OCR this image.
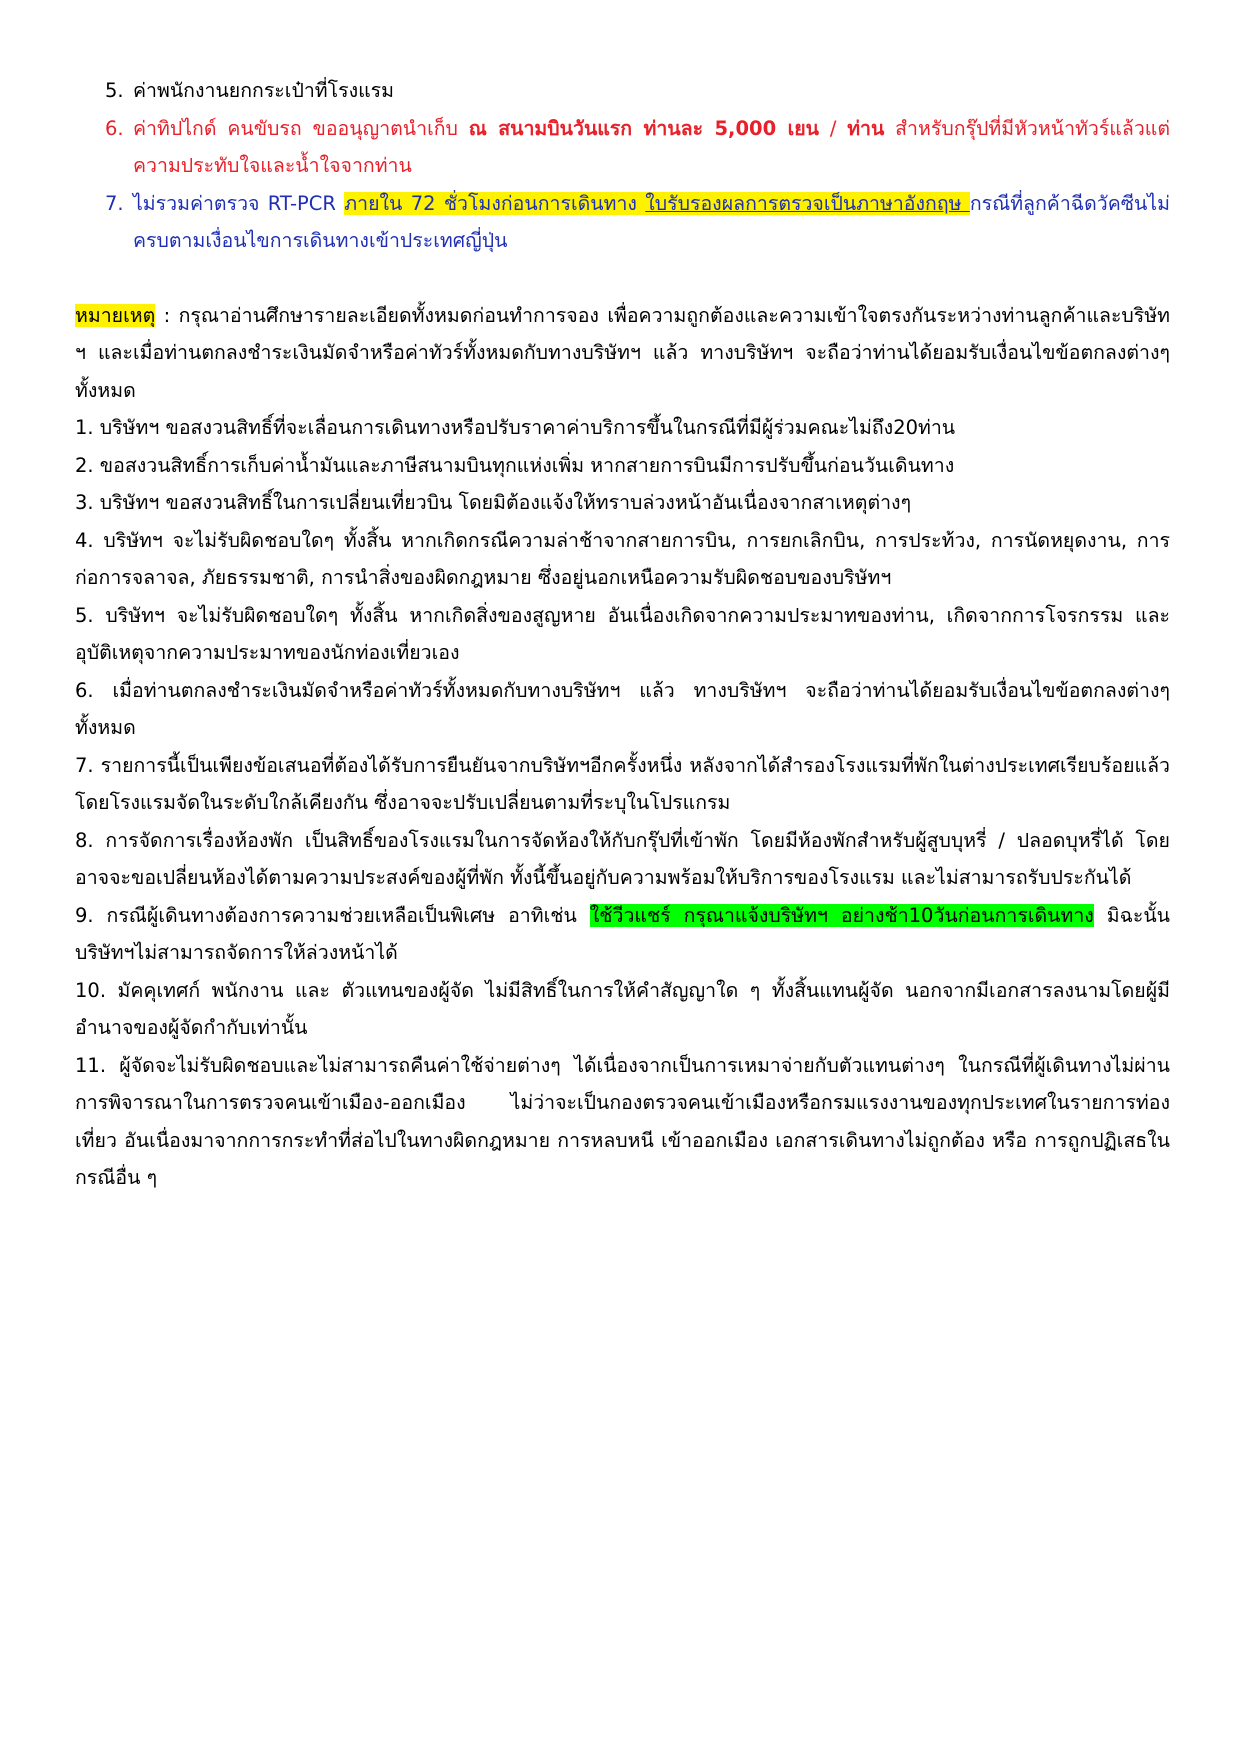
5. ค่าพนักงานยกกระเป๋าที่โรงแรม
6. ค่าทิปไกด์ คนขับรถ ขออนุญาตนำเก็บ ณ สนามบินวันแรก ท่านละ 5,000 เยน / ท่าน สำหรับกรุ๊ปที่มีหัวหน้าทัวร์แล้วแต่ความประทับใจและน้ำใจจากท่าน
7. ไม่รวมค่าตรวจ RT-PCR ภายใน 72 ชั่วโมงก่อนการเดินทาง ใบรับรองผลการตรวจเป็นภาษาอังกฤษ กรณีที่ลูกค้าฉีดวัคซีนไม่ครบตามเงื่อนไขการเดินทางเข้าประเทศญี่ปุ่น

หมายเหตุ : กรุณาอ่านศึกษารายละเอียดทั้งหมดก่อนทำการจอง เพื่อความถูกต้องและความเข้าใจตรงกันระหว่างท่านลูกค้าและบริษัท ฯ และเมื่อท่านตกลงชำระเงินมัดจำหรือค่าทัวร์ทั้งหมดกับทางบริษัทฯ แล้ว ทางบริษัทฯ จะถือว่าท่านได้ยอมรับเงื่อนไขข้อตกลงต่างๆ ทั้งหมด

1. บริษัทฯ ขอสงวนสิทธิ์ที่จะเลื่อนการเดินทางหรือปรับราคาค่าบริการขึ้นในกรณีที่มีผู้ร่วมคณะไม่ถึง20ท่าน

2. ขอสงวนสิทธิ์การเก็บค่าน้ำมันและภาษีสนามบินทุกแห่งเพิ่ม หากสายการบินมีการปรับขึ้นก่อนวันเดินทาง

3. บริษัทฯ ขอสงวนสิทธิ์ในการเปลี่ยนเที่ยวบิน โดยมิต้องแจ้งให้ทราบล่วงหน้าอันเนื่องจากสาเหตุต่างๆ

4. บริษัทฯ จะไม่รับผิดชอบใดๆ ทั้งสิ้น หากเกิดกรณีความล่าช้าจากสายการบิน, การยกเลิกบิน, การประท้วง, การนัดหยุดงาน, การก่อการจลาจล, ภัยธรรมชาติ, การนำสิ่งของผิดกฎหมาย ซึ่งอยู่นอกเหนือความรับผิดชอบของบริษัทฯ

5. บริษัทฯ จะไม่รับผิดชอบใดๆ ทั้งสิ้น หากเกิดสิ่งของสูญหาย อันเนื่องเกิดจากความประมาทของท่าน, เกิดจากการโจรกรรม และอุบัติเหตุจากความประมาทของนักท่องเที่ยวเอง

6. เมื่อท่านตกลงชำระเงินมัดจำหรือค่าทัวร์ทั้งหมดกับทางบริษัทฯ แล้ว ทางบริษัทฯ จะถือว่าท่านได้ยอมรับเงื่อนไขข้อตกลงต่างๆ ทั้งหมด

7. รายการนี้เป็นเพียงข้อเสนอที่ต้องได้รับการยืนยันจากบริษัทฯอีกครั้งหนึ่ง หลังจากได้สำรองโรงแรมที่พักในต่างประเทศเรียบร้อยแล้ว โดยโรงแรมจัดในระดับใกล้เคียงกัน ซึ่งอาจจะปรับเปลี่ยนตามที่ระบุในโปรแกรม

8. การจัดการเรื่องห้องพัก เป็นสิทธิ์ของโรงแรมในการจัดห้องให้กับกรุ๊ปที่เข้าพัก โดยมีห้องพักสำหรับผู้สูบบุหรี่ / ปลอดบุหรี่ได้ โดยอาจจะขอเปลี่ยนห้องได้ตามความประสงค์ของผู้ที่พัก ทั้งนี้ขึ้นอยู่กับความพร้อมให้บริการของโรงแรม และไม่สามารถรับประกันได้

9. กรณีผู้เดินทางต้องการความช่วยเหลือเป็นพิเศษ อาทิเช่น ใช้วีวแชร์ กรุณาแจ้งบริษัทฯ อย่างช้า10วันก่อนการเดินทาง มิฉะนั้นบริษัทฯไม่สามารถจัดการให้ล่วงหน้าได้

10. มัคคุเทศก์ พนักงาน และ ตัวแทนของผู้จัด ไม่มีสิทธิ์ในการให้คำสัญญาใด ๆ ทั้งสิ้นแทนผู้จัด นอกจากมีเอกสารลงนามโดยผู้มีอำนาจของผู้จัดกำกับเท่านั้น

11. ผู้จัดจะไม่รับผิดชอบและไม่สามารถคืนค่าใช้จ่ายต่างๆ ได้เนื่องจากเป็นการเหมาจ่ายกับตัวแทนต่างๆ ในกรณีที่ผู้เดินทางไม่ผ่านการพิจารณาในการตรวจคนเข้าเมือง-ออกเมือง ไม่ว่าจะเป็นกองตรวจคนเข้าเมืองหรือกรมแรงงานของทุกประเทศในรายการท่องเที่ยว อันเนื่องมาจากการกระทำที่ส่อไปในทางผิดกฎหมาย การหลบหนี เข้าออกเมือง เอกสารเดินทางไม่ถูกต้อง หรือ การถูกปฏิเสธในกรณีอื่น ๆ
